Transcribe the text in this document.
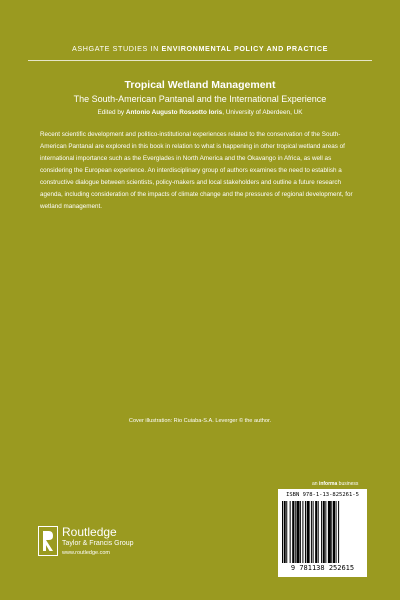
ASHGATE STUDIES IN ENVIRONMENTAL POLICY AND PRACTICE
Tropical Wetland Management
The South-American Pantanal and the International Experience
Edited by Antonio Augusto Rossotto Ioris, University of Aberdeen, UK
Recent scientific development and politico-institutional experiences related to the conservation of the South-American Pantanal are explored in this book in relation to what is happening in other tropical wetland areas of international importance such as the Everglades in North America and the Okavango in Africa, as well as considering the European experience. An interdisciplinary group of authors examines the need to establish a constructive dialogue between scientists, policy-makers and local stakeholders and outline a future research agenda, including consideration of the impacts of climate change and the pressures of regional development, for wetland management.
Cover illustration: Rio Cuiaba-S.A. Leverger © the author.
an informa business
ISBN 978-1-13-825261-5
9 781138 252615
Routledge
Taylor & Francis Group
www.routledge.com
